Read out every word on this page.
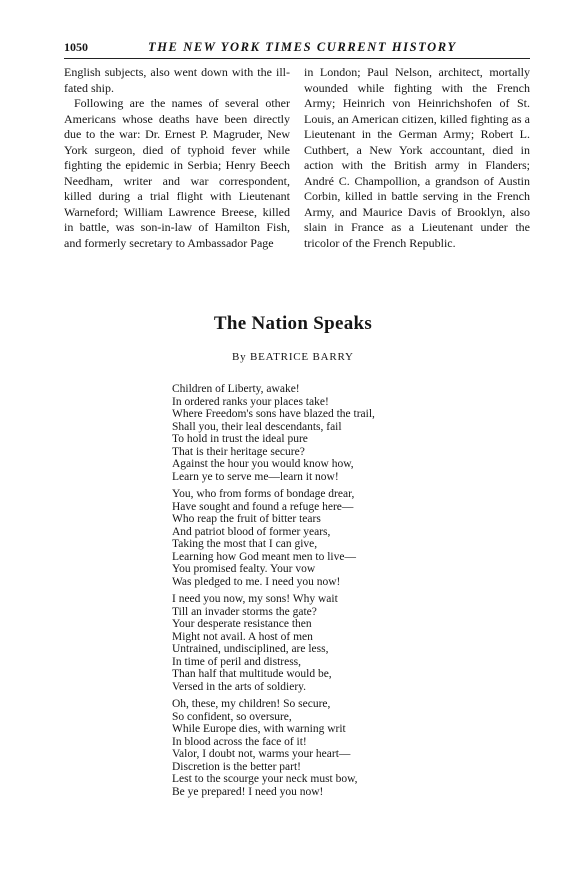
1050	THE NEW YORK TIMES CURRENT HISTORY

English subjects, also went down with the ill-fated ship.

Following are the names of several other Americans whose deaths have been directly due to the war: Dr. Ernest P. Magruder, New York surgeon, died of typhoid fever while fighting the epidemic in Serbia; Henry Beech Needham, writer and war correspondent, killed during a trial flight with Lieutenant Warneford; William Lawrence Breese, killed in battle, was son-in-law of Hamilton Fish, and formerly secretary to Ambassador Page

in London; Paul Nelson, architect, mortally wounded while fighting with the French Army; Heinrich von Heinrichshofen of St. Louis, an American citizen, killed fighting as a Lieutenant in the German Army; Robert L. Cuthbert, a New York accountant, died in action with the British army in Flanders; André C. Champollion, a grandson of Austin Corbin, killed in battle serving in the French Army, and Maurice Davis of Brooklyn, also slain in France as a Lieutenant under the tricolor of the French Republic.

The Nation Speaks

By BEATRICE BARRY

Children of Liberty, awake!
In ordered ranks your places take!
Where Freedom's sons have blazed the trail,
Shall you, their leal descendants, fail
To hold in trust the ideal pure
That is their heritage secure?
Against the hour you would know how,
Learn ye to serve me—learn it now!
You, who from forms of bondage drear,
Have sought and found a refuge here—
Who reap the fruit of bitter tears
And patriot blood of former years,
Taking the most that I can give,
Learning how God meant men to live—
You promised fealty. Your vow
Was pledged to me. I need you now!
I need you now, my sons! Why wait
Till an invader storms the gate?
Your desperate resistance then
Might not avail. A host of men
Untrained, undisciplined, are less,
In time of peril and distress,
Than half that multitude would be,
Versed in the arts of soldiery.
Oh, these, my children! So secure,
So confident, so oversure,
While Europe dies, with warning writ
In blood across the face of it!
Valor, I doubt not, warms your heart—
Discretion is the better part!
Lest to the scourge your neck must bow,
Be ye prepared! I need you now!
